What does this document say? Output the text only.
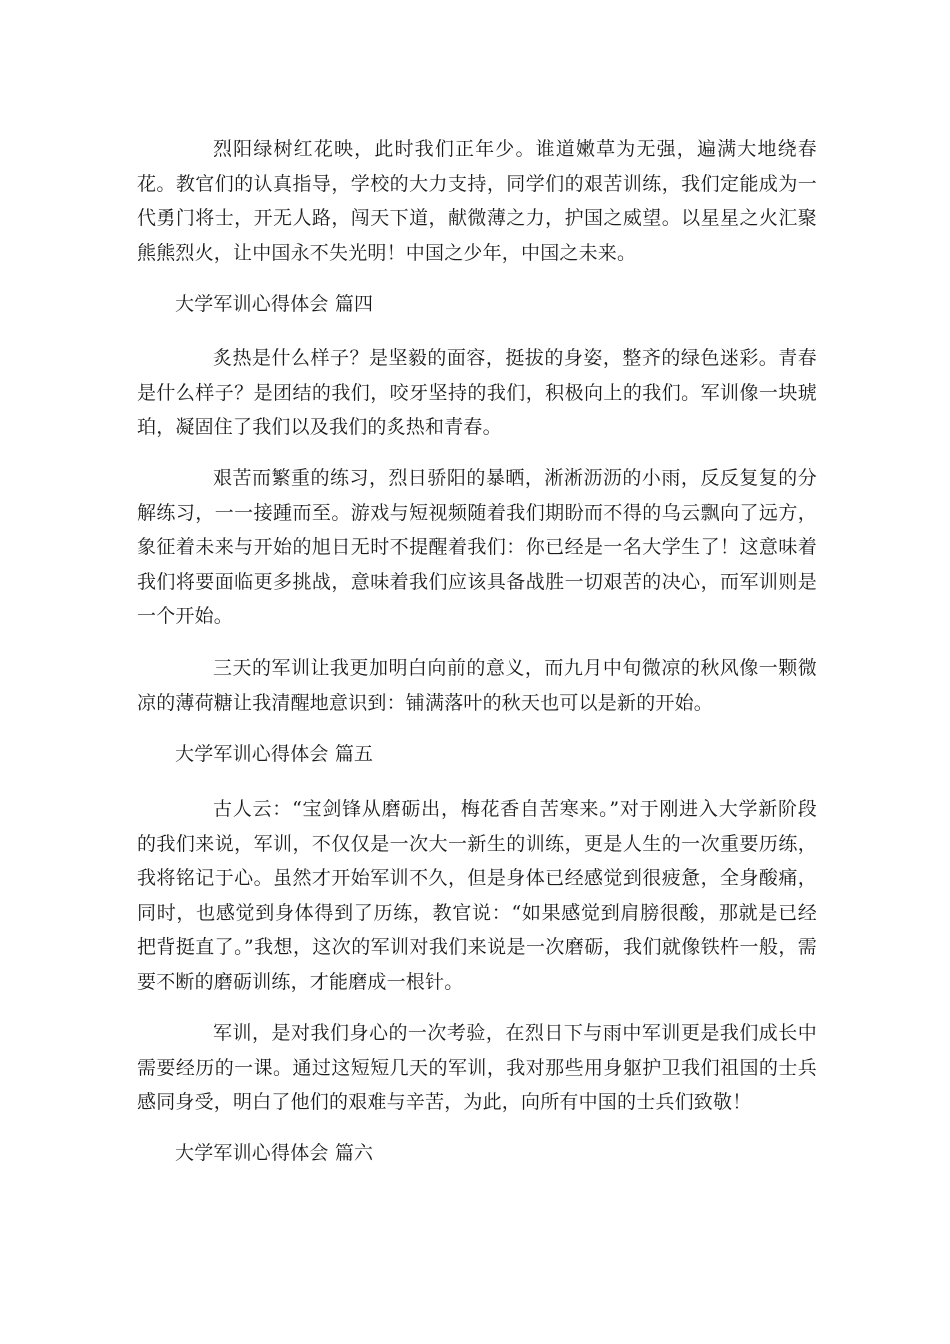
烈阳绿树红花映，此时我们正年少。谁道嫩草为无强，遍满大地绕春花。教官们的认真指导，学校的大力支持，同学们的艰苦训练，我们定能成为一代勇门将士，开无人路，闯天下道，献微薄之力，护国之威望。以星星之火汇聚熊熊烈火，让中国永不失光明！中国之少年，中国之未来。
大学军训心得体会 篇四
炙热是什么样子？是坚毅的面容，挺拔的身姿，整齐的绿色迷彩。青春是什么样子？是团结的我们，咬牙坚持的我们，积极向上的我们。军训像一块琥珀，凝固住了我们以及我们的炙热和青春。
艰苦而繁重的练习，烈日骄阳的暴晒，淅淅沥沥的小雨，反反复复的分解练习，一一接踵而至。游戏与短视频随着我们期盼而不得的乌云飘向了远方，象征着未来与开始的旭日无时不提醒着我们：你已经是一名大学生了！这意味着我们将要面临更多挑战，意味着我们应该具备战胜一切艰苦的决心，而军训则是一个开始。
三天的军训让我更加明白向前的意义，而九月中旬微凉的秋风像一颗微凉的薄荷糖让我清醒地意识到：铺满落叶的秋天也可以是新的开始。
大学军训心得体会 篇五
古人云：“宝剑锋从磨砺出，梅花香自苦寒来。”对于刚进入大学新阶段的我们来说，军训，不仅仅是一次大一新生的训练，更是人生的一次重要历练，我将铭记于心。虽然才开始军训不久，但是身体已经感觉到很疲惫，全身酸痛，同时，也感觉到身体得到了历练，教官说：“如果感觉到肩膀很酸，那就是已经把背挺直了。”我想，这次的军训对我们来说是一次磨砺，我们就像铁杵一般，需要不断的磨砺训练，才能磨成一根针。
军训，是对我们身心的一次考验，在烈日下与雨中军训更是我们成长中需要经历的一课。通过这短短几天的军训，我对那些用身躯护卫我们祖国的士兵感同身受，明白了他们的艰难与辛苦，为此，向所有中国的士兵们致敬！
大学军训心得体会 篇六
